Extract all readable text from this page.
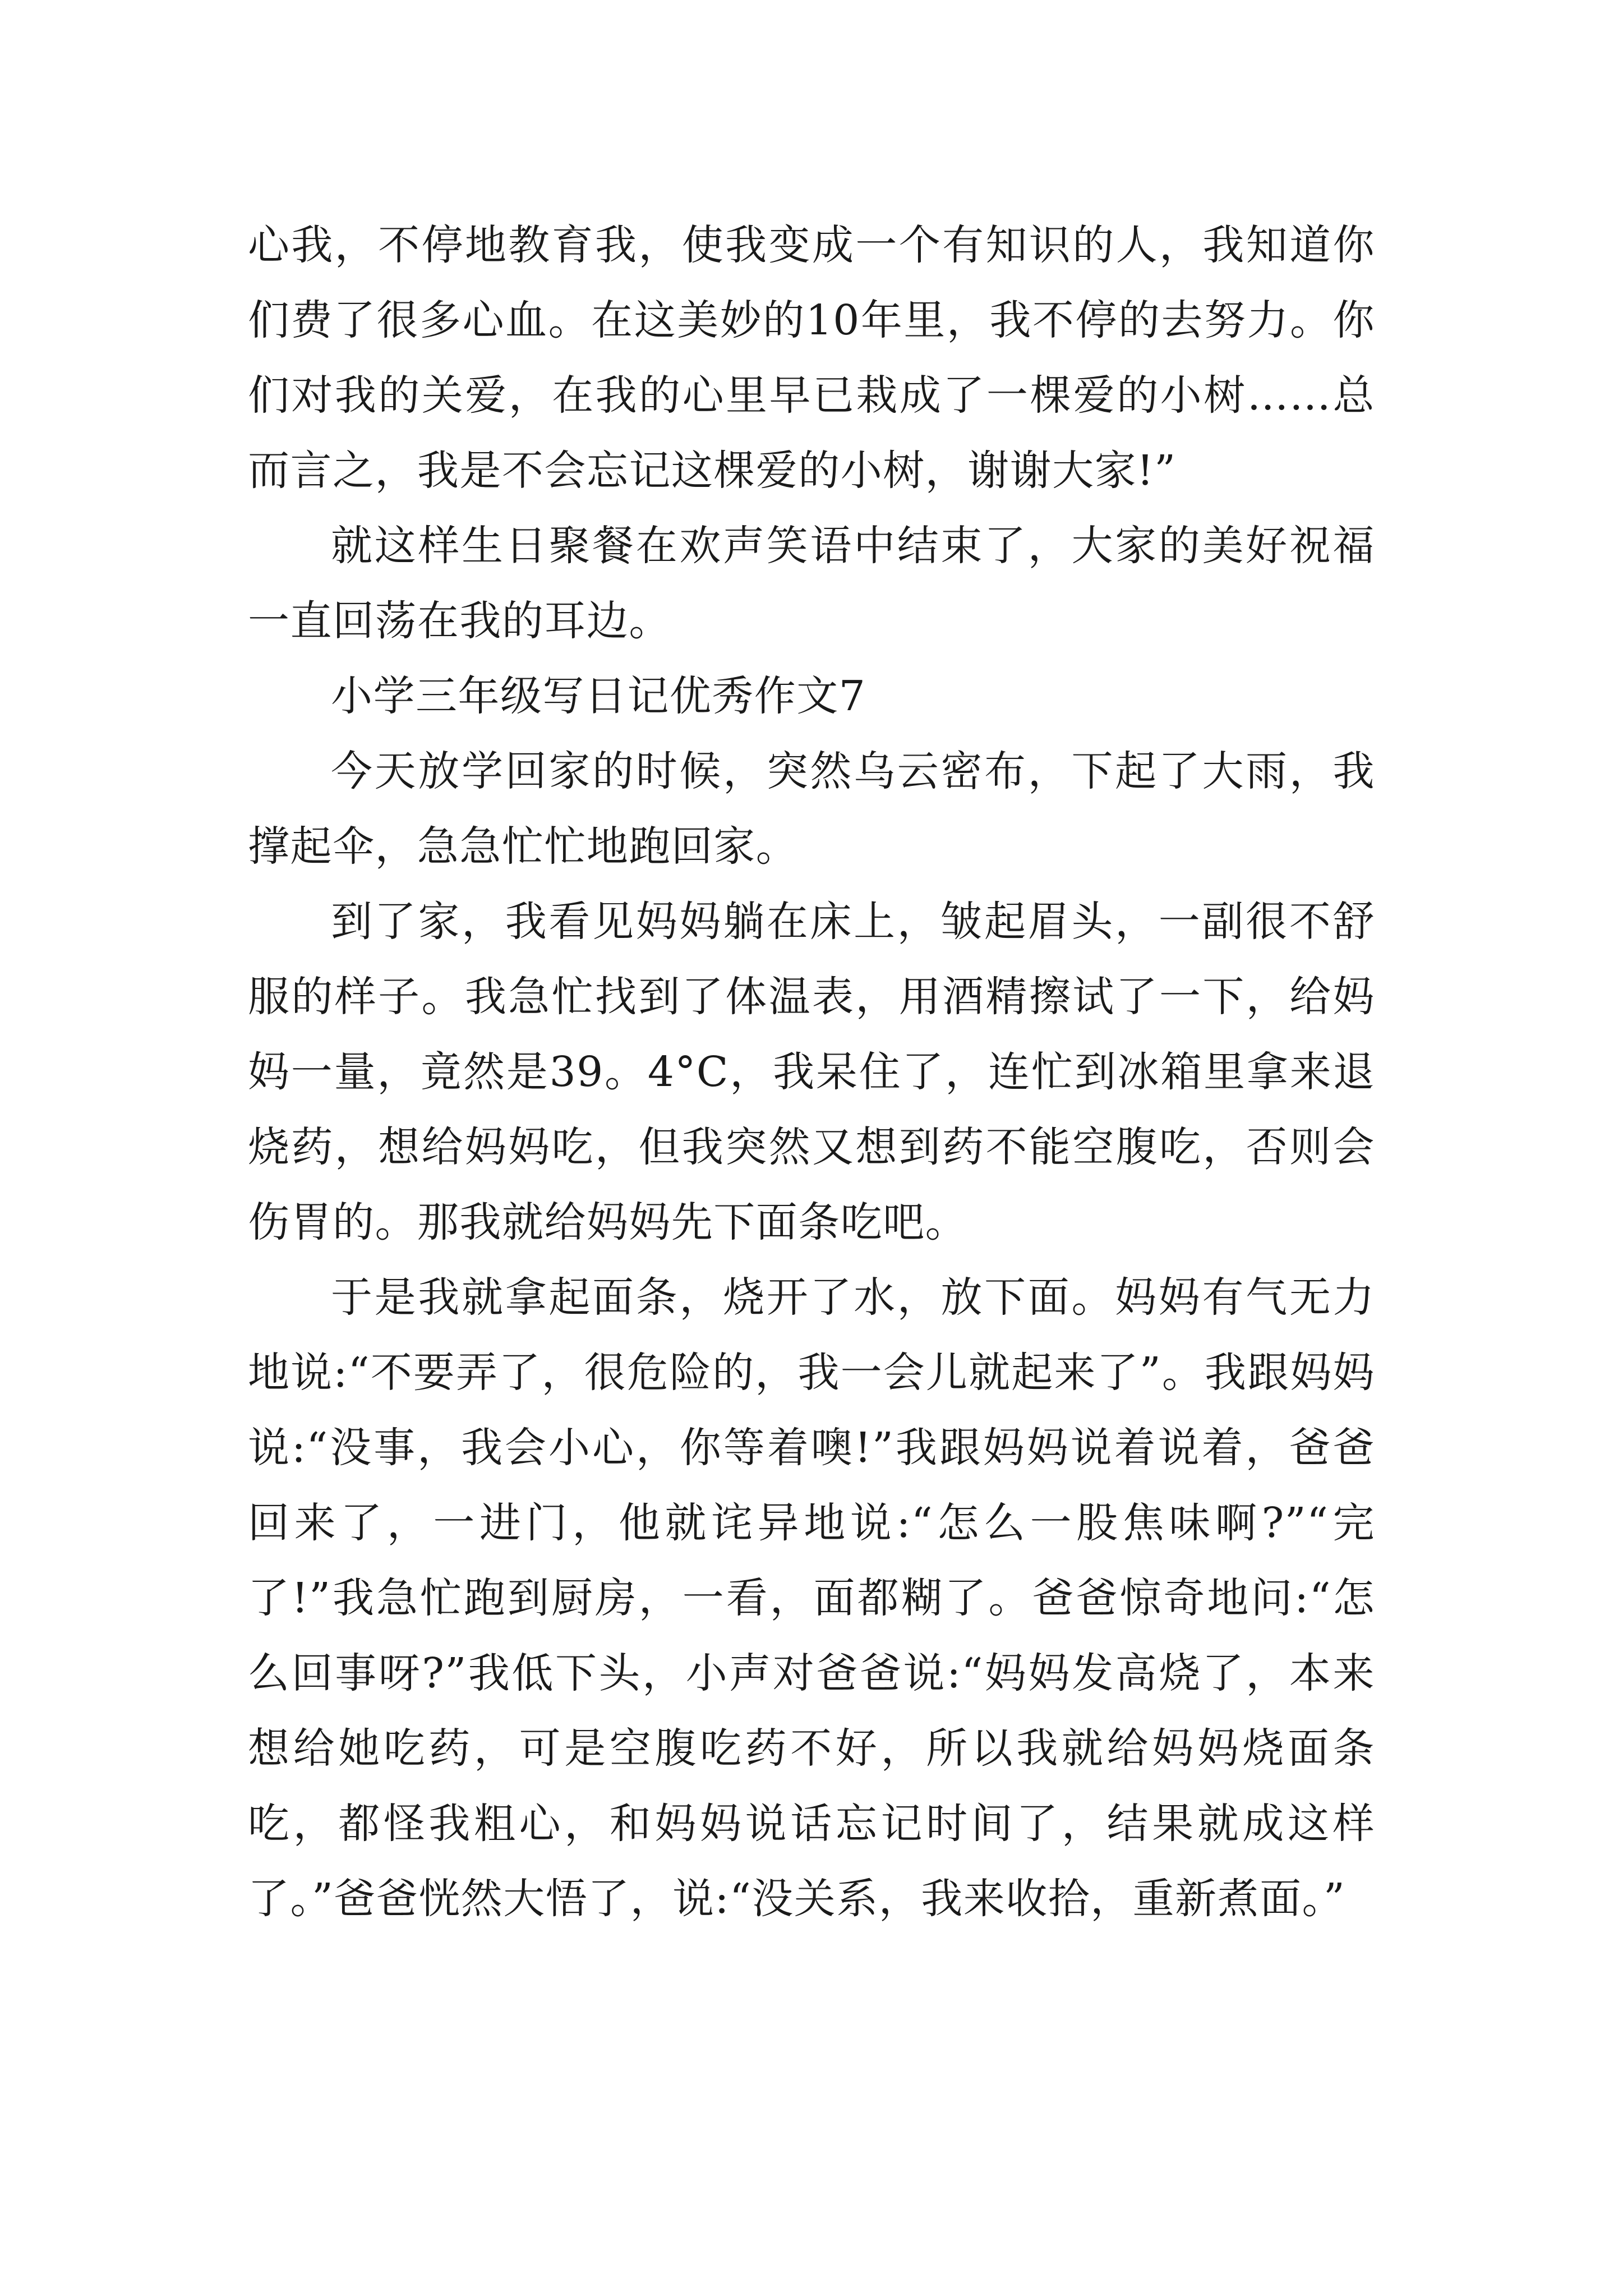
心我，不停地教育我，使我变成一个有知识的人，我知道你们费了很多心血。在这美妙的10年里，我不停的去努力。你们对我的关爱，在我的心里早已栽成了一棵爱的小树……总而言之，我是不会忘记这棵爱的小树，谢谢大家!”

就这样生日聚餐在欢声笑语中结束了，大家的美好祝福一直回荡在我的耳边。

小学三年级写日记优秀作文7

今天放学回家的时候，突然乌云密布，下起了大雨，我撑起伞，急急忙忙地跑回家。

到了家，我看见妈妈躺在床上，皱起眉头，一副很不舒服的样子。我急忙找到了体温表，用酒精擦试了一下，给妈妈一量，竟然是39。4°C，我呆住了，连忙到冰箱里拿来退烧药，想给妈妈吃，但我突然又想到药不能空腹吃，否则会伤胃的。那我就给妈妈先下面条吃吧。

于是我就拿起面条，烧开了水，放下面。妈妈有气无力地说:“不要弄了，很危险的，我一会儿就起来了”。我跟妈妈说:“没事，我会小心，你等着噢!”我跟妈妈说着说着，爸爸回来了，一进门，他就诧异地说:“怎么一股焦味啊?”“完了!”我急忙跑到厨房，一看，面都糊了。爸爸惊奇地问:“怎么回事呀?”我低下头，小声对爸爸说:“妈妈发高烧了，本来想给她吃药，可是空腹吃药不好，所以我就给妈妈烧面条吃，都怪我粗心，和妈妈说话忘记时间了，结果就成这样了。”爸爸恍然大悟了，说:“没关系，我来收拾，重新煮面。”
